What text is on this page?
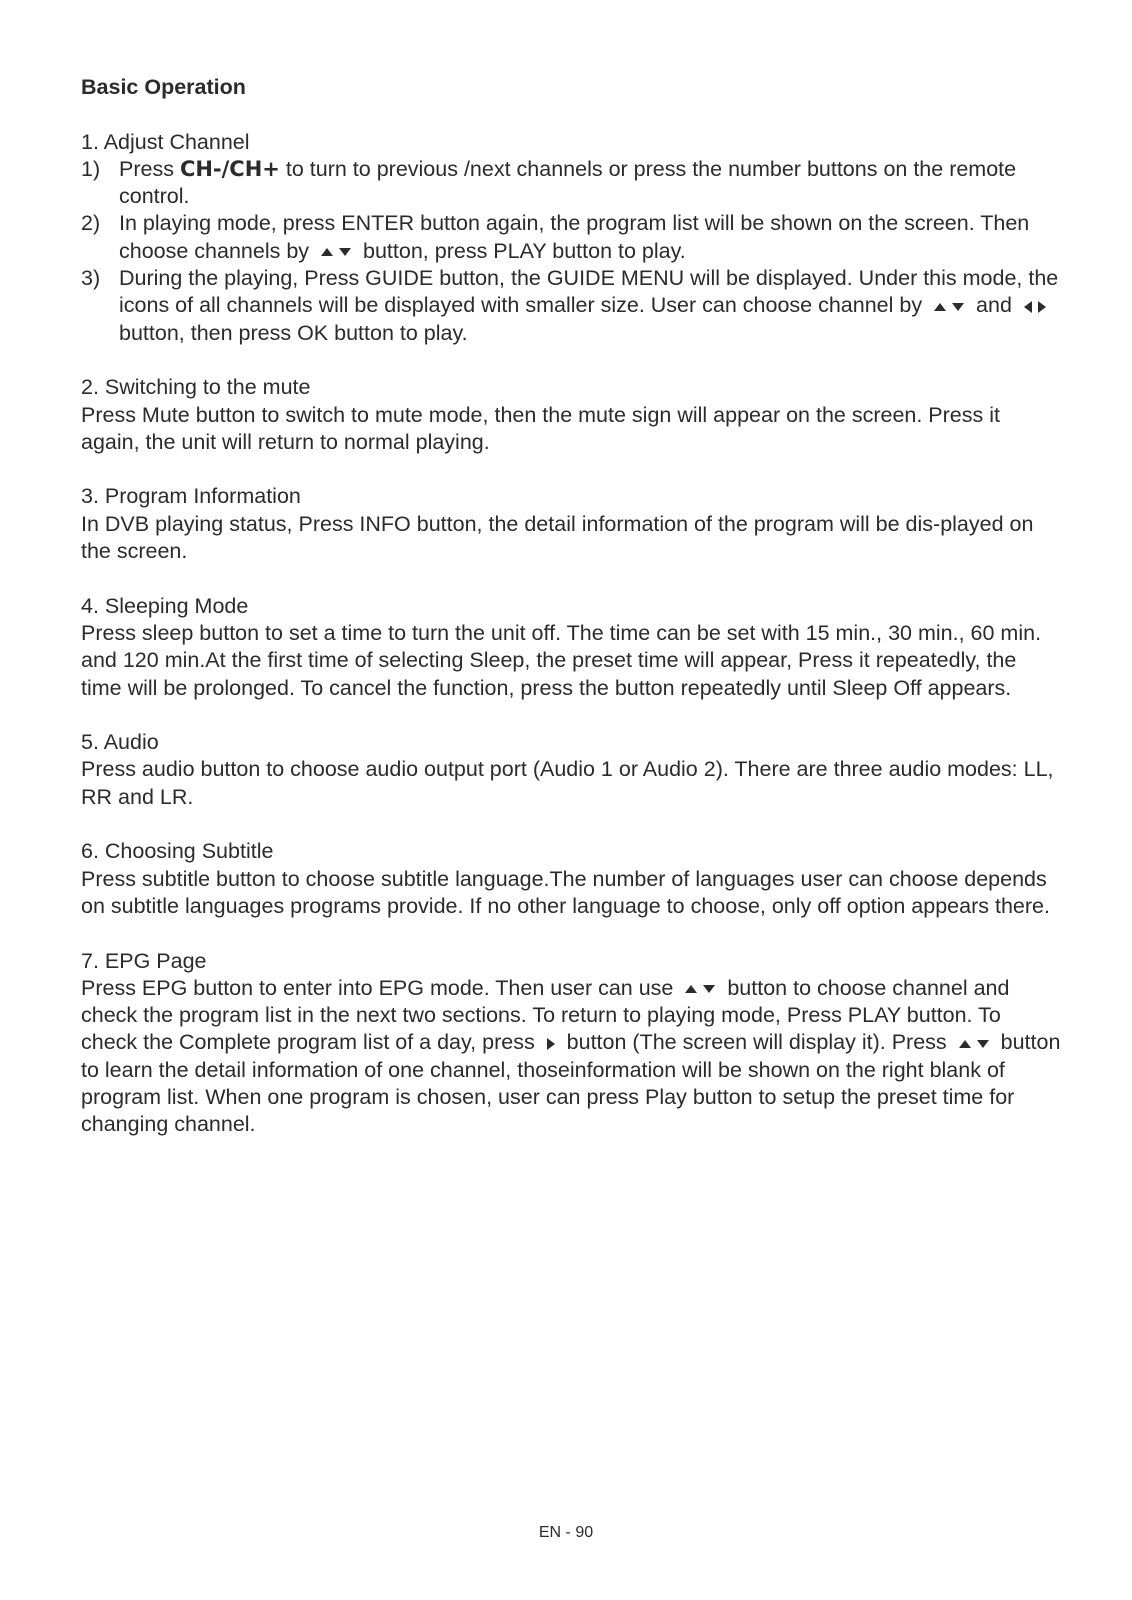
Basic Operation

1. Adjust Channel

1) Press CH-/CH+ to turn to previous /next channels or press the number buttons on the remote control.
2) In playing mode, press ENTER button again, the program list will be shown on the screen. Then choose channels by	button, press PLAY button to play.
3) During the playing, Press GUIDE button, the GUIDE MENU will be displayed. Under this mode, the icons of all channels will be displayed with smaller size. User can choose channel by	and  button, then press OK button to play.

2. Switching to the mute

Press Mute button to switch to mute mode, then the mute sign will appear on the screen. Press it again, the unit will return to normal playing.

3. Program Information

In DVB playing status, Press INFO button, the detail information of the program will be dis-played on the screen.

4. Sleeping Mode

Press sleep button to set a time to turn the unit off. The time can be set with 15 min., 30 min., 60 min. and 120 min.At the first time of selecting Sleep, the preset time will appear, Press it repeatedly, the time will be prolonged. To cancel the function, press the button repeatedly until Sleep Off appears.

5. Audio

Press audio button to choose audio output port (Audio 1 or Audio 2). There are three audio modes: LL, RR and LR.

6. Choosing Subtitle

Press subtitle button to choose subtitle language.The number of languages user can choose depends on subtitle languages programs provide. If no other language to choose, only off option appears there.

7. EPG Page

Press EPG button to enter into EPG mode. Then user can use	button to choose channel and check the program list in the next two sections. To return to playing mode, Press PLAY button. To check the Complete program list of a day, press button (The screen will display it). Press	button to learn the detail information of one channel, thoseinformation will be shown on the right blank of program list. When one program is chosen, user can press Play button to setup the preset time for changing channel.

EN - 90
